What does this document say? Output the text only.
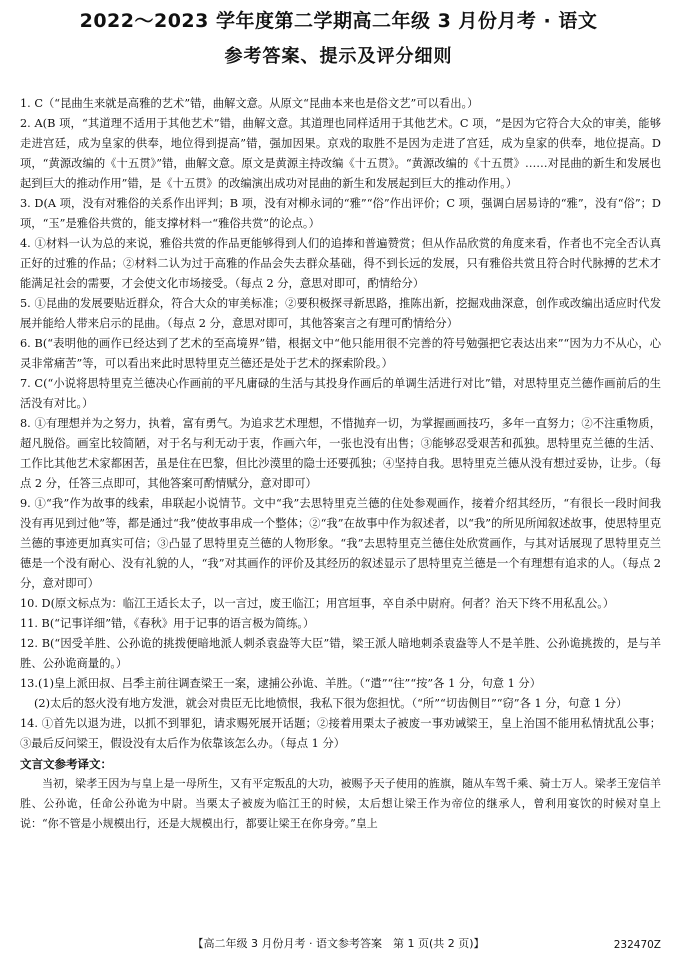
2022～2023 学年度第二学期高二年级 3 月份月考 · 语文
参考答案、提示及评分细则

1. C（“昆曲生来就是高雅的艺术”错，曲解文意。从原文“昆曲本来也是俗文艺”可以看出。）

2. A(B 项，“其道理不适用于其他艺术”错，曲解文意。其道理也同样适用于其他艺术。C 项，“是因为它符合大众的审美，能够走进宫廷，成为皇家的供奉，地位得到提高”错，强加因果。京戏的取胜不是因为走进了宫廷，成为皇家的供奉，地位提高。D 项，“黄源改编的《十五贯》”错，曲解文意。原文是黄源主持改编《十五贯》。“黄源改编的《十五贯》……对昆曲的新生和发展也起到巨大的推动作用”错，是《十五贯》的改编演出成功对昆曲的新生和发展起到巨大的推动作用。）

3. D(A 项，没有对雅俗的关系作出评判；B 项，没有对柳永词的“雅”“俗”作出评价；C 项，强调白居易诗的“雅”，没有“俗”；D 项，“玉”是雅俗共赏的，能支撑材料一“雅俗共赏”的论点。）

4. ①材料一认为总的来说，雅俗共赏的作品更能够得到人们的追捧和普遍赞赏；但从作品欣赏的角度来看，作者也不完全否认真正好的过雅的作品；②材料二认为过于高雅的作品会失去群众基础，得不到长远的发展，只有雅俗共赏且符合时代脉搏的艺术才能满足社会的需要，才会使文化市场接受。（每点 2 分，意思对即可，酌情给分）

5. ①昆曲的发展要贴近群众，符合大众的审美标准；②要积极探寻新思路，推陈出新，挖掘戏曲深意，创作或改编出适应时代发展并能给人带来启示的昆曲。（每点 2 分，意思对即可，其他答案言之有理可酌情给分）

6. B(“表明他的画作已经达到了艺术的至高境界”错，根据文中“他只能用很不完善的符号勉强把它表达出来”“因为力不从心，心灵非常痛苦”等，可以看出来此时思特里克兰德还是处于艺术的探索阶段。）

7. C(“小说将思特里克兰德决心作画前的平凡庸碌的生活与其投身作画后的单调生活进行对比”错，对思特里克兰德作画前后的生活没有对比。）

8. ①有理想并为之努力，执着，富有勇气。为追求艺术理想，不惜抛弃一切，为掌握画画技巧，多年一直努力；②不注重物质，超凡脱俗。画室比较简陋，对于名与利无动于衷，作画六年，一张也没有出售；③能够忍受艰苦和孤独。思特里克兰德的生活、工作比其他艺术家都困苦，虽是住在巴黎，但比沙漠里的隐士还要孤独；④坚持自我。思特里克兰德从没有想过妥协，让步。（每点 2 分，任答三点即可，其他答案可酌情赋分，意对即可）

9. ①“我”作为故事的线索，串联起小说情节。文中“我”去思特里克兰德的住处参观画作，接着介绍其经历，“有很长一段时间我没有再见到过他”等，都是通过“我”使故事串成一个整体；②“我”在故事中作为叙述者，以“我”的所见所闻叙述故事，使思特里克兰德的事迹更加真实可信；③凸显了思特里克兰德的人物形象。“我”去思特里克兰德住处欣赏画作，与其对话展现了思特里克兰德是一个没有耐心、没有礼貌的人，“我”对其画作的评价及其经历的叙述显示了思特里克兰德是一个有理想有追求的人。（每点 2 分，意对即可）

10. D(原文标点为：临江王适长太子，以一言过，废王临江；用宫垣事，卒自杀中尉府。何者？治天下终不用私乱公。）

11. B(“记事详细”错，《春秋》用于记事的语言极为简练。）

12. B(“因受羊胜、公孙诡的挑拨便暗地派人刺杀袁盎等大臣”错，梁王派人暗地刺杀袁盎等人不是羊胜、公孙诡挑拨的，是与羊胜、公孙诡商量的。）

13.(1)皇上派田叔、吕季主前往调查梁王一案，逮捕公孙诡、羊胜。（“遣”“往”“按”各 1 分，句意 1 分）

(2)太后的怒火没有地方发泄，就会对贵臣无比地愤恨，我私下很为您担忧。（“所”“切齿侧目”“窃”各 1 分，句意 1 分）

14. ①首先以退为进，以抓不到罪犯，请求赐死展开话题；②接着用栗太子被废一事劝诫梁王，皇上治国不能用私情扰乱公事；③最后反问梁王，假设没有太后作为依靠该怎么办。（每点 1 分）

文言文参考译文：

当初，梁孝王因为与皇上是一母所生，又有平定叛乱的大功，被赐予天子使用的旌旗，随从车驾千乘、骑士万人。梁孝王宠信羊胜、公孙诡，任命公孙诡为中尉。当栗太子被废为临江王的时候，太后想让梁王作为帝位的继承人，曾利用宴饮的时候对皇上说：“你不管是小规模出行，还是大规模出行，都要让梁王在你身旁。”皇上

【高二年级 3 月份月考 · 语文参考答案　第 1 页(共 2 页)】	232470Z
